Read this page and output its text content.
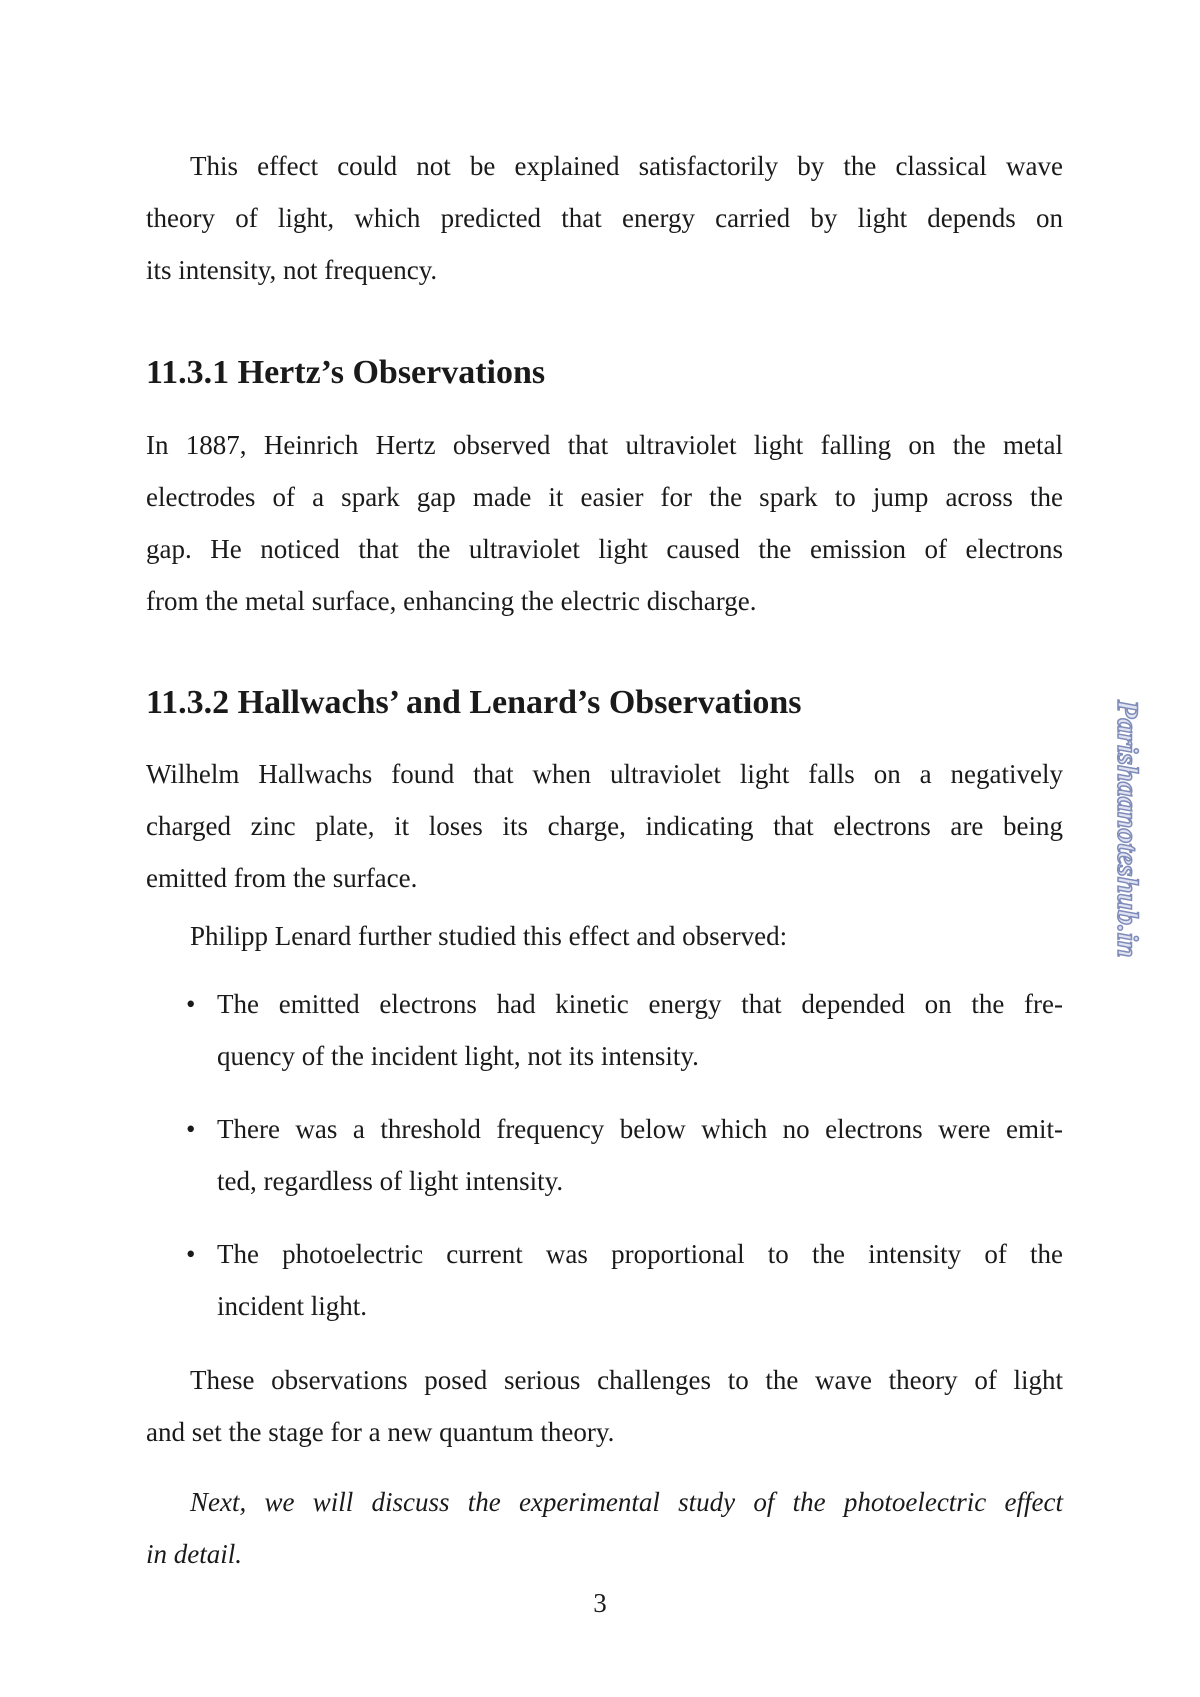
This effect could not be explained satisfactorily by the classical wave
theory of light, which predicted that energy carried by light depends on
its intensity, not frequency.
11.3.1 Hertz’s Observations
In 1887, Heinrich Hertz observed that ultraviolet light falling on the metal
electrodes of a spark gap made it easier for the spark to jump across the
gap. He noticed that the ultraviolet light caused the emission of electrons
from the metal surface, enhancing the electric discharge.
11.3.2 Hallwachs’ and Lenard’s Observations
Wilhelm Hallwachs found that when ultraviolet light falls on a negatively
charged zinc plate, it loses its charge, indicating that electrons are being
emitted from the surface.
Philipp Lenard further studied this effect and observed:
• The emitted electrons had kinetic energy that depended on the fre-
quency of the incident light, not its intensity.
• There was a threshold frequency below which no electrons were emit-
ted, regardless of light intensity.
• The photoelectric current was proportional to the intensity of the
incident light.
These observations posed serious challenges to the wave theory of light
and set the stage for a new quantum theory.
Next, we will discuss the experimental study of the photoelectric effect
in detail.
3
Parishaanoteshub.in
